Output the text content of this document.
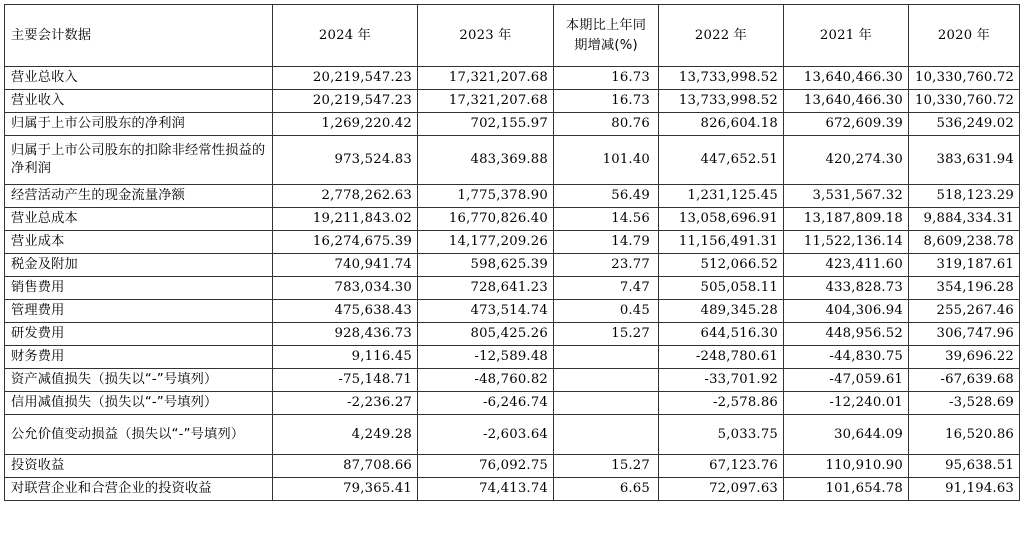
主要会计数据	2024 年	2023 年	本期比上年同期增减(%)	2022 年	2021 年	2020 年
营业总收入	20,219,547.23	17,321,207.68	16.73	13,733,998.52	13,640,466.30	10,330,760.72
营业收入	20,219,547.23	17,321,207.68	16.73	13,733,998.52	13,640,466.30	10,330,760.72
归属于上市公司股东的净利润	1,269,220.42	702,155.97	80.76	826,604.18	672,609.39	536,249.02
归属于上市公司股东的扣除非经常性损益的净利润	973,524.83	483,369.88	101.40	447,652.51	420,274.30	383,631.94
经营活动产生的现金流量净额	2,778,262.63	1,775,378.90	56.49	1,231,125.45	3,531,567.32	518,123.29
营业总成本	19,211,843.02	16,770,826.40	14.56	13,058,696.91	13,187,809.18	9,884,334.31
营业成本	16,274,675.39	14,177,209.26	14.79	11,156,491.31	11,522,136.14	8,609,238.78
税金及附加	740,941.74	598,625.39	23.77	512,066.52	423,411.60	319,187.61
销售费用	783,034.30	728,641.23	7.47	505,058.11	433,828.73	354,196.28
管理费用	475,638.43	473,514.74	0.45	489,345.28	404,306.94	255,267.46
研发费用	928,436.73	805,425.26	15.27	644,516.30	448,956.52	306,747.96
财务费用	9,116.45	-12,589.48		-248,780.61	-44,830.75	39,696.22
资产减值损失（损失以“-”号填列）	-75,148.71	-48,760.82		-33,701.92	-47,059.61	-67,639.68
信用减值损失（损失以“-”号填列）	-2,236.27	-6,246.74		-2,578.86	-12,240.01	-3,528.69
公允价值变动损益（损失以“-”号填列）	4,249.28	-2,603.64		5,033.75	30,644.09	16,520.86
投资收益	87,708.66	76,092.75	15.27	67,123.76	110,910.90	95,638.51
对联营企业和合营企业的投资收益	79,365.41	74,413.74	6.65	72,097.63	101,654.78	91,194.63
